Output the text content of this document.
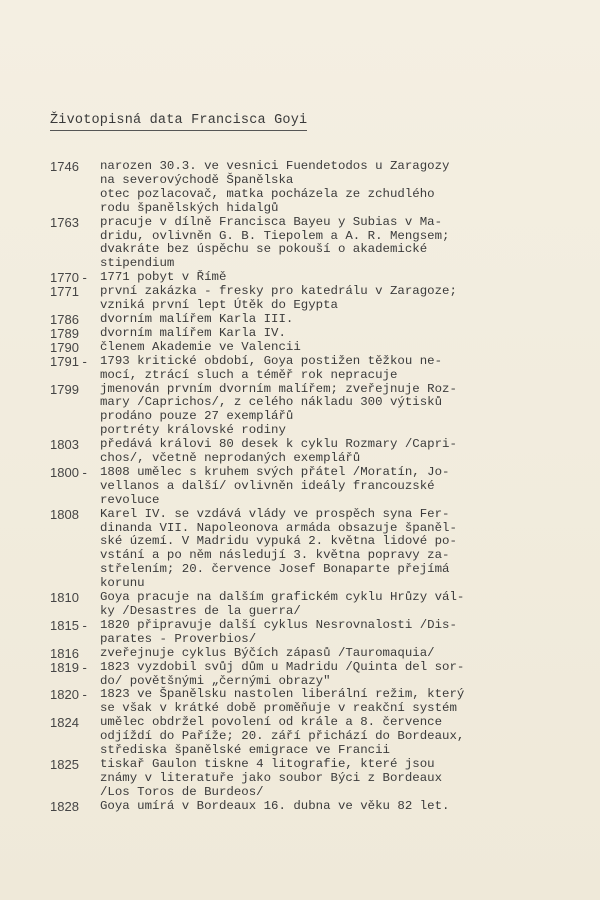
Životopisná data Francisca Goyi
1746	narozen 30.3. ve vesnici Fuendetodos u Zaragozy
na severovýchodě Španělska
otec pozlacovač, matka pocházela ze zchudlého
rodu španělských hidalgů
1763	pracuje v dílně Francisca Bayeu y Subias v Ma-
dridu, ovlivněn G. B. Tiepolem a A. R. Mengsem;
dvakráte bez úspěchu se pokouší o akademické
stipendium
1770 -	1771 pobyt v Římě
1771	první zakázka - fresky pro katedrálu v Zaragoze;
vzniká první lept Útěk do Egypta
1786	dvorním malířem Karla III.
1789	dvorním malířem Karla IV.
1790	členem Akademie ve Valencii
1791 -	1793 kritické období, Goya postižen těžkou ne-
mocí, ztrácí sluch a téměř rok nepracuje
1799	jmenován prvním dvorním malířem; zveřejnuje Roz-
mary /Caprichos/, z celého nákladu 300 výtisků
prodáno pouze 27 exemplářů
portréty královské rodiny
1803	předává královi 80 desek k cyklu Rozmary /Capri-
chos/, včetně neprodaných exemplářů
1800 -	1808 umělec s kruhem svých přátel /Moratín, Jo-
vellanos a další/ ovlivněn ideály francouzské
revoluce
1808	Karel IV. se vzdává vlády ve prospěch syna Fer-
dinanda VII. Napoleonova armáda obsazuje španěl-
ské území. V Madridu vypuká 2. května lidové po-
vstání a po něm následují 3. května popravy za-
střelením; 20. července Josef Bonaparte přejímá
korunu
1810	Goya pracuje na dalším grafickém cyklu Hrůzy vál-
ky /Desastres de la guerra/
1815 -	1820 připravuje další cyklus Nesrovnalosti /Dis-
parates - Proverbios/
1816	zveřejnuje cyklus Býčích zápasů /Tauromaquia/
1819 -	1823 vyzdobil svůj dům u Madridu /Quinta del sor-
do/ povětšnými „černými obrazy"
1820 -	1823 ve Španělsku nastolen liberální režim, který
se však v krátké době proměňuje v reakční systém
1824	umělec obdržel povolení od krále a 8. července
odjíždí do Paříže; 20. září přichází do Bordeaux,
střediska španělské emigrace ve Francii
1825	tiskař Gaulon tiskne 4 litografie, které jsou
známy v literatuře jako soubor Býci z Bordeaux
/Los Toros de Burdeos/
1828	Goya umírá v Bordeaux 16. dubna ve věku 82 let.
